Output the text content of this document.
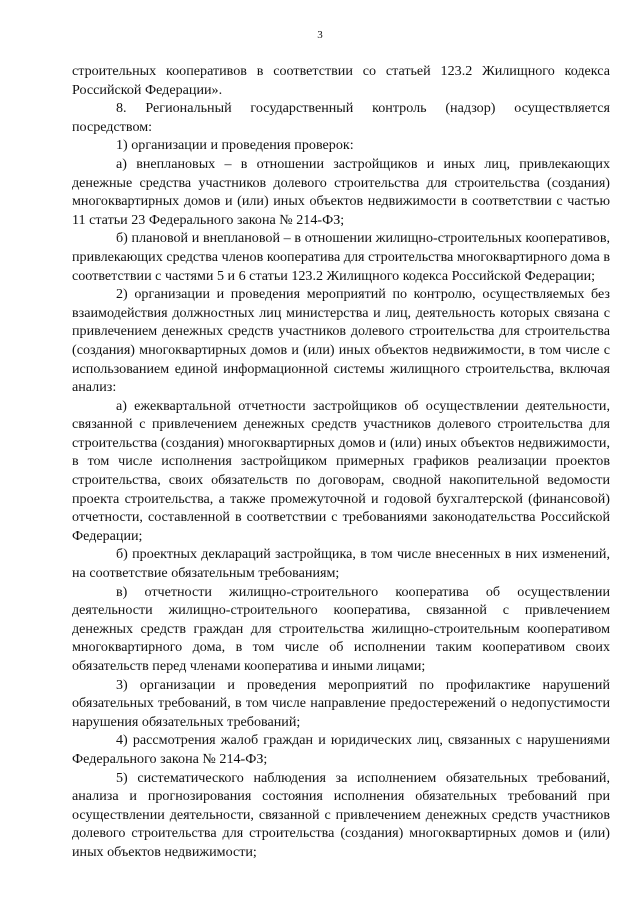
3

строительных кооперативов в соответствии со статьей 123.2 Жилищного кодекса Российской Федерации».

8. Региональный государственный контроль (надзор) осуществляется посредством:

1) организации и проведения проверок:

а) внеплановых – в отношении застройщиков и иных лиц, привлекающих денежные средства участников долевого строительства для строительства (создания) многоквартирных домов и (или) иных объектов недвижимости в соответствии с частью 11 статьи 23 Федерального закона № 214-ФЗ;

б) плановой и внеплановой – в отношении жилищно-строительных кооперативов, привлекающих средства членов кооператива для строительства многоквартирного дома в соответствии с частями 5 и 6 статьи 123.2 Жилищного кодекса Российской Федерации;

2) организации и проведения мероприятий по контролю, осуществляемых без взаимодействия должностных лиц министерства и лиц, деятельность которых связана с привлечением денежных средств участников долевого строительства для строительства (создания) многоквартирных домов и (или) иных объектов недвижимости, в том числе с использованием единой информационной системы жилищного строительства, включая анализ:

а) ежеквартальной отчетности застройщиков об осуществлении деятельности, связанной с привлечением денежных средств участников долевого строительства для строительства (создания) многоквартирных домов и (или) иных объектов недвижимости, в том числе исполнения застройщиком примерных графиков реализации проектов строительства, своих обязательств по договорам, сводной накопительной ведомости проекта строительства, а также промежуточной и годовой бухгалтерской (финансовой) отчетности, составленной в соответствии с требованиями законодательства Российской Федерации;

б) проектных деклараций застройщика, в том числе внесенных в них изменений, на соответствие обязательным требованиям;

в) отчетности жилищно-строительного кооператива об осуществлении деятельности жилищно-строительного кооператива, связанной с привлечением денежных средств граждан для строительства жилищно-строительным кооперативом многоквартирного дома, в том числе об исполнении таким кооперативом своих обязательств перед членами кооператива и иными лицами;

3) организации и проведения мероприятий по профилактике нарушений обязательных требований, в том числе направление предостережений о недопустимости нарушения обязательных требований;

4) рассмотрения жалоб граждан и юридических лиц, связанных с нарушениями Федерального закона № 214-ФЗ;

5) систематического наблюдения за исполнением обязательных требований, анализа и прогнозирования состояния исполнения обязательных требований при осуществлении деятельности, связанной с привлечением денежных средств участников долевого строительства для строительства (создания) многоквартирных домов и (или) иных объектов недвижимости;
